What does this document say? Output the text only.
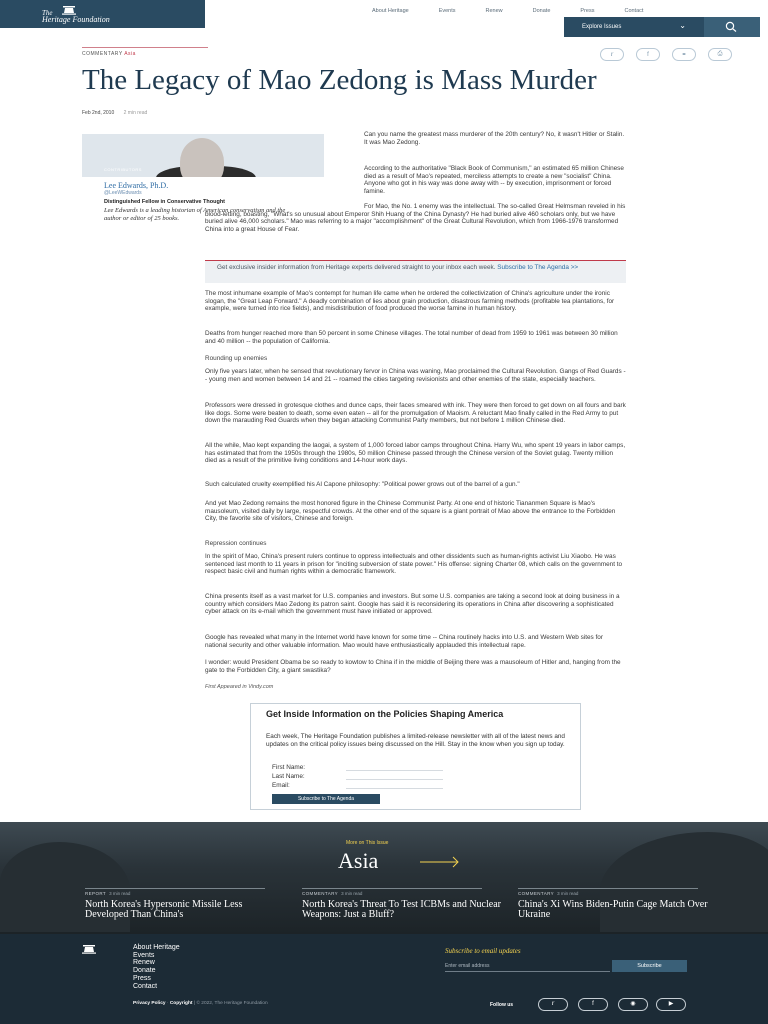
The
Heritage Foundation
About Heritage	Events	Renew	Donate	Press	Contact
Explore Issues	⌄
COMMENTARY Asia	𝕣	f	⚭	⎙
The Legacy of Mao Zedong is Mass Murder
Feb 2nd, 2010 2 min read
CONTRIBUTORS
Lee Edwards, Ph.D.
@LeeWEdwards
Distinguished Fellow in Conservative Thought
Lee Edwards is a leading historian of American conservatism and the author or editor of 25 books.
Can you name the greatest mass murderer of the 20th century? No, it wasn't Hitler or Stalin. It was Mao Zedong.
According to the authoritative "Black Book of Communism," an estimated 65 million Chinese died as a result of Mao's repeated, merciless attempts to create a new "socialist" China. Anyone who got in his way was done away with -- by execution, imprisonment or forced famine.
For Mao, the No. 1 enemy was the intellectual. The so-called Great Helmsman reveled in his blood-letting, boasting, "What's so unusual about Emperor Shih Huang of the China Dynasty? He had buried alive 460 scholars only, but we have buried alive 46,000 scholars." Mao was referring to a major "accomplishment" of the Great Cultural Revolution, which from 1966-1976 transformed China into a great House of Fear.
Get exclusive insider information from Heritage experts delivered straight to your inbox each week. Subscribe to The Agenda >>
The most inhumane example of Mao's contempt for human life came when he ordered the collectivization of China's agriculture under the ironic slogan, the "Great Leap Forward." A deadly combination of lies about grain production, disastrous farming methods (profitable tea plantations, for example, were turned into rice fields), and misdistribution of food produced the worse famine in human history.
Deaths from hunger reached more than 50 percent in some Chinese villages. The total number of dead from 1959 to 1961 was between 30 million and 40 million -- the population of California.
Rounding up enemies
Only five years later, when he sensed that revolutionary fervor in China was waning, Mao proclaimed the Cultural Revolution. Gangs of Red Guards -- young men and women between 14 and 21 -- roamed the cities targeting revisionists and other enemies of the state, especially teachers.
Professors were dressed in grotesque clothes and dunce caps, their faces smeared with ink. They were then forced to get down on all fours and bark like dogs. Some were beaten to death, some even eaten -- all for the promulgation of Maoism. A reluctant Mao finally called in the Red Army to put down the marauding Red Guards when they began attacking Communist Party members, but not before 1 million Chinese died.
All the while, Mao kept expanding the laogai, a system of 1,000 forced labor camps throughout China. Harry Wu, who spent 19 years in labor camps, has estimated that from the 1950s through the 1980s, 50 million Chinese passed through the Chinese version of the Soviet gulag. Twenty million died as a result of the primitive living conditions and 14-hour work days.
Such calculated cruelty exemplified his Al Capone philosophy: "Political power grows out of the barrel of a gun."
And yet Mao Zedong remains the most honored figure in the Chinese Communist Party. At one end of historic Tiananmen Square is Mao's mausoleum, visited daily by large, respectful crowds. At the other end of the square is a giant portrait of Mao above the entrance to the Forbidden City, the favorite site of visitors, Chinese and foreign.
Repression continues
In the spirit of Mao, China's present rulers continue to oppress intellectuals and other dissidents such as human-rights activist Liu Xiaobo. He was sentenced last month to 11 years in prison for "inciting subversion of state power." His offense: signing Charter 08, which calls on the government to respect basic civil and human rights within a democratic framework.
China presents itself as a vast market for U.S. companies and investors. But some U.S. companies are taking a second look at doing business in a country which considers Mao Zedong its patron saint. Google has said it is reconsidering its operations in China after discovering a sophisticated cyber attack on its e-mail which the government must have initiated or approved.
Google has revealed what many in the Internet world have known for some time -- China routinely hacks into U.S. and Western Web sites for national security and other valuable information. Mao would have enthusiastically applauded this intellectual rape.
I wonder: would President Obama be so ready to kowtow to China if in the middle of Beijing there was a mausoleum of Hitler and, hanging from the gate to the Forbidden City, a giant swastika?
First Appeared in Vindy.com
Get Inside Information on the Policies Shaping America
Each week, The Heritage Foundation publishes a limited-release newsletter with all of the latest news and updates on the critical policy issues being discussed on the Hill. Stay in the know when you sign up today.
First Name:
Last Name:
Email:
Subscribe to The Agenda
More on This Issue
Asia
REPORT 3 min read
North Korea's Hypersonic Missile Less Developed Than China's
COMMENTARY 3 min read
North Korea's Threat To Test ICBMs and Nuclear Weapons: Just a Bluff?
COMMENTARY 3 min read
China's Xi Wins Biden-Putin Cage Match Over Ukraine
About Heritage
Events
Renew
Donate
Press
Contact
Subscribe to email updates
Enter email address	Subscribe
Privacy Policy · Copyright | © 2022, The Heritage Foundation	Follow us	𝕣	f	◉	▶
